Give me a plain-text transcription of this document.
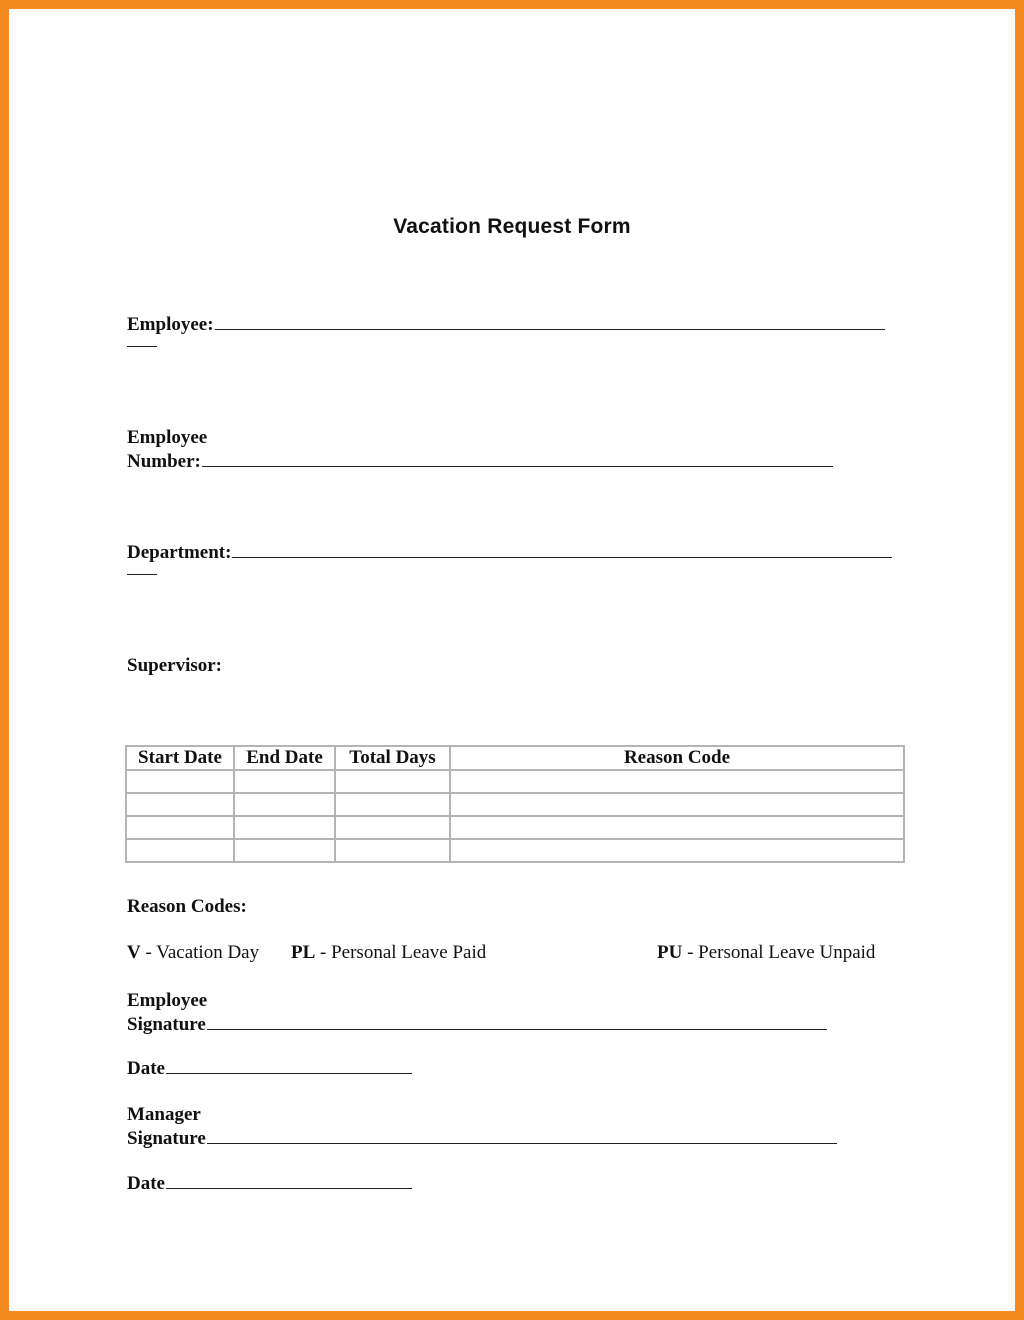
Vacation Request Form
Employee:
Employee
Number:
Department:
Supervisor:
Start Date	End Date	Total Days	Reason Code

Reason Codes:
V - Vacation Day PL - Personal Leave Paid	PU - Personal Leave Unpaid
Employee
Signature
Date
Manager
Signature
Date
